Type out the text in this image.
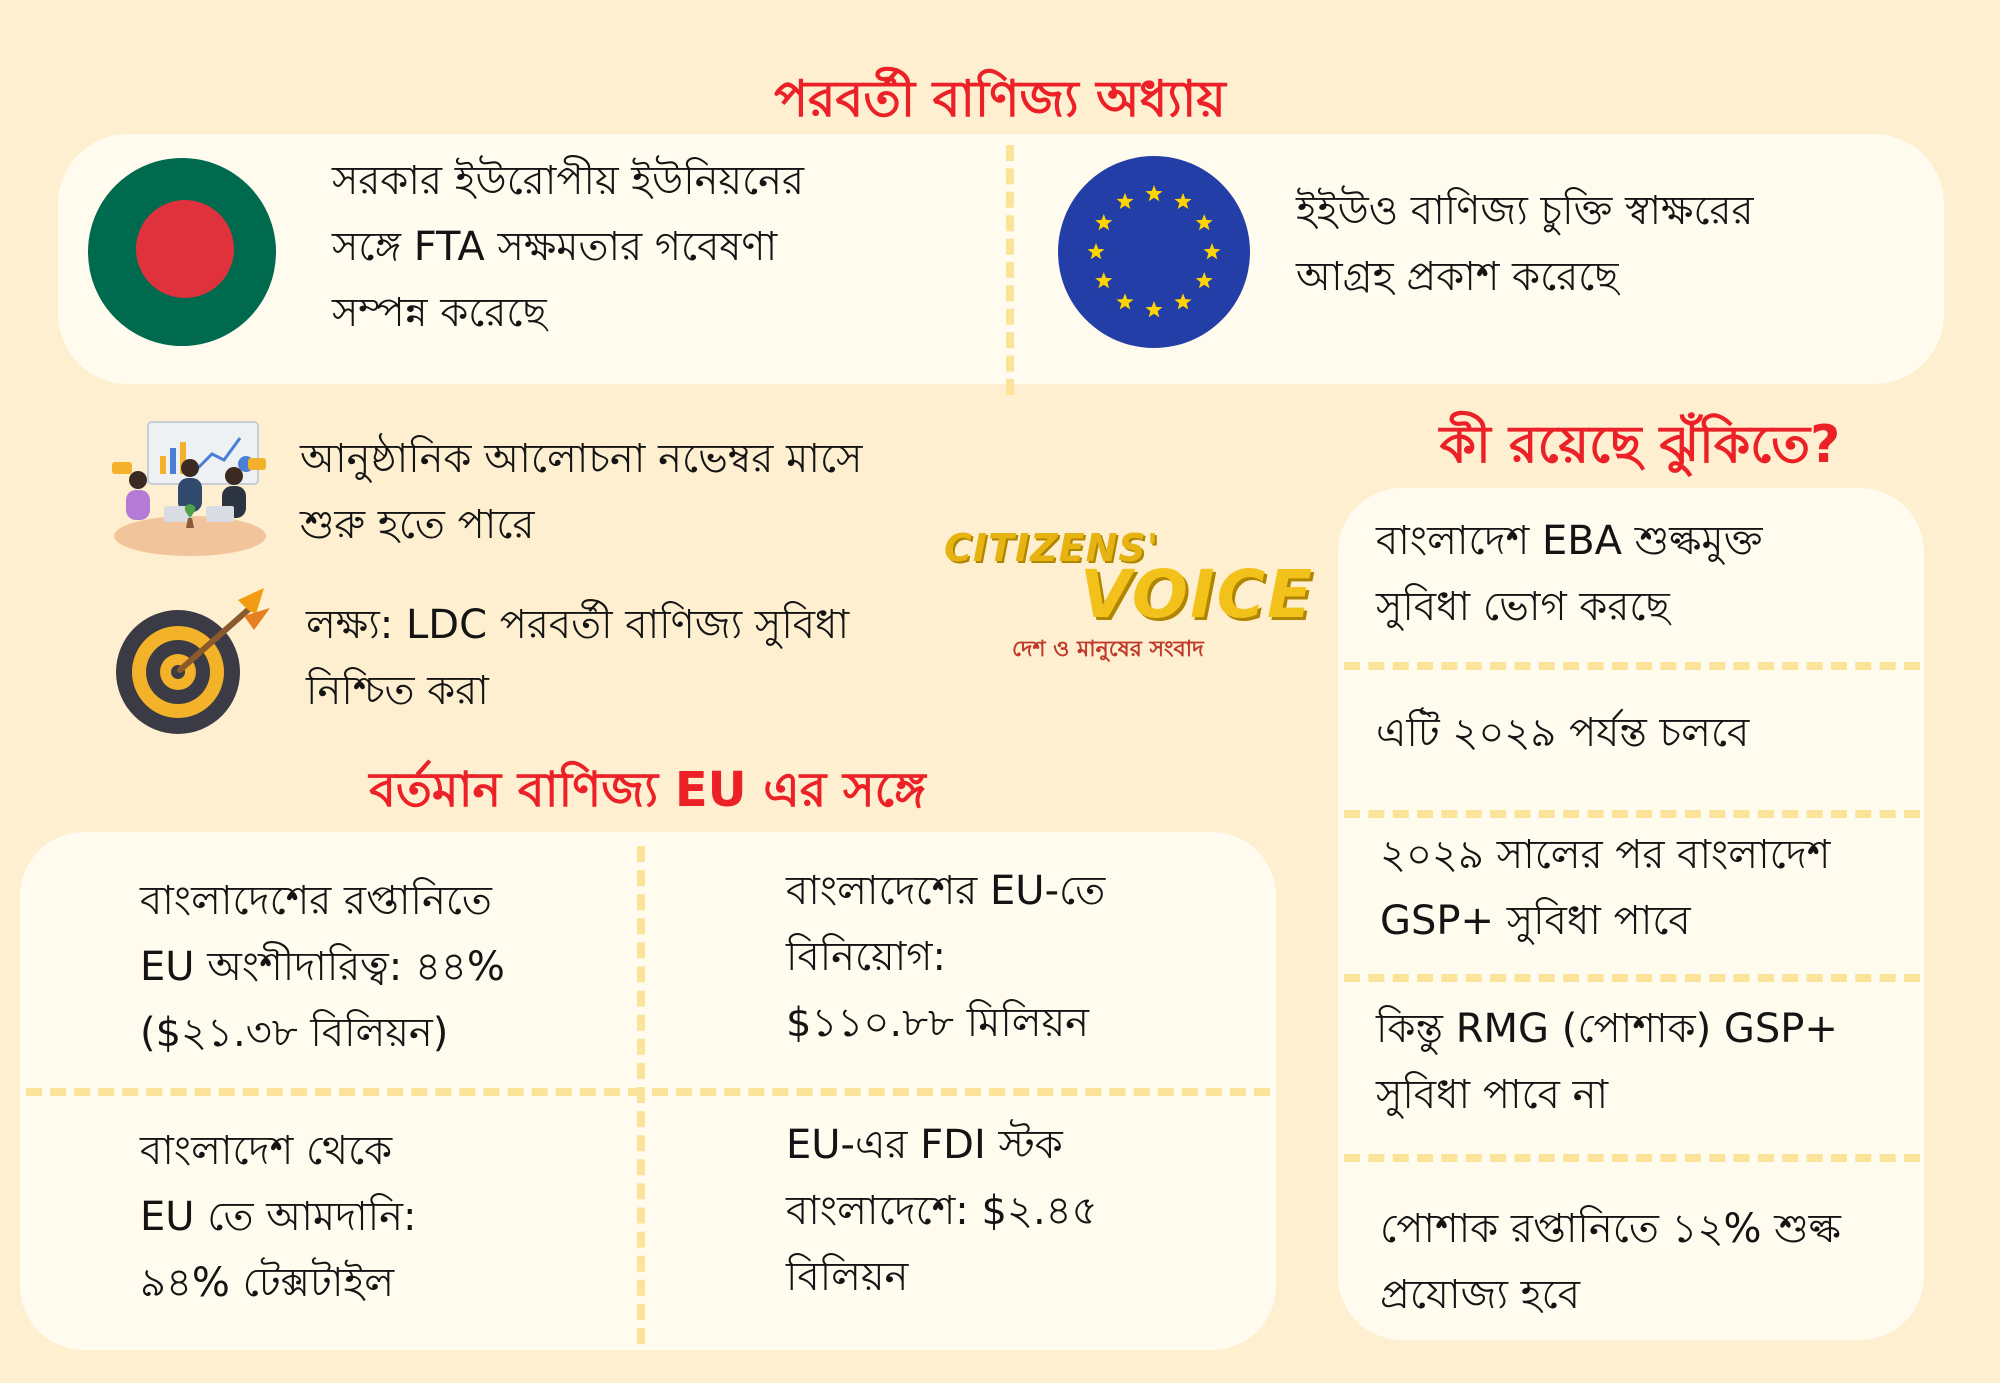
পরবর্তী বাণিজ্য অধ্যায়
সরকার ইউরোপীয় ইউনিয়নের
সঙ্গে FTA সক্ষমতার গবেষণা
সম্পন্ন করেছে
ইইউও বাণিজ্য চুক্তি স্বাক্ষরের
আগ্রহ প্রকাশ করেছে
আনুষ্ঠানিক আলোচনা নভেম্বর মাসে
শুরু হতে পারে
লক্ষ্য: LDC পরবর্তী বাণিজ্য সুবিধা
নিশ্চিত করা
CITIZENS'
VOICE
দেশ ও মানুষের সংবাদ
বর্তমান বাণিজ্য EU এর সঙ্গে
বাংলাদেশের রপ্তানিতে
EU অংশীদারিত্ব: ৪৪%
($২১.৩৮ বিলিয়ন)
বাংলাদেশের EU-তে
বিনিয়োগ:
$১১০.৮৮ মিলিয়ন
বাংলাদেশ থেকে
EU তে আমদানি:
৯৪% টেক্সটাইল
EU-এর FDI স্টক
বাংলাদেশে: $২.৪৫
বিলিয়ন
কী রয়েছে ঝুঁকিতে?
বাংলাদেশ EBA শুল্কমুক্ত
সুবিধা ভোগ করছে
এটি ২০২৯ পর্যন্ত চলবে
২০২৯ সালের পর বাংলাদেশ
GSP+ সুবিধা পাবে
কিন্তু RMG (পোশাক) GSP+
সুবিধা পাবে না
পোশাক রপ্তানিতে ১২% শুল্ক
প্রযোজ্য হবে
